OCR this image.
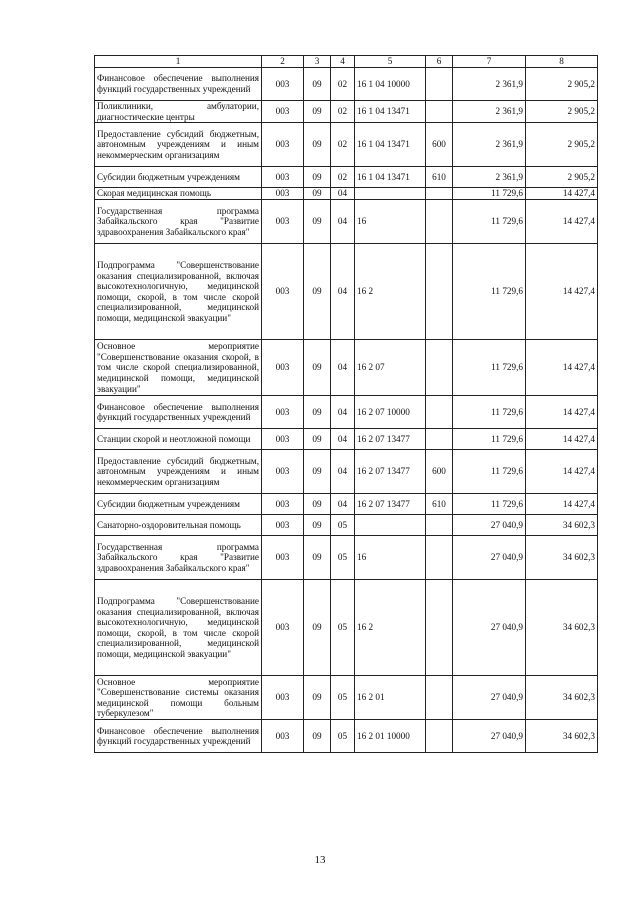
1	2	3	4	5	6	7	8
Финансовое обеспечение выполнения функций государственных учреждений	003	09	02	16 1 04 10000		2 361,9	2 905,2
Поликлиники, амбулатории, диагностические центры	003	09	02	16 1 04 13471		2 361,9	2 905,2
Предоставление субсидий бюджетным, автономным учреждениям и иным некоммерческим организациям	003	09	02	16 1 04 13471	600	2 361,9	2 905,2
Субсидии бюджетным учреждениям	003	09	02	16 1 04 13471	610	2 361,9	2 905,2
Скорая медицинская помощь	003	09	04			11 729,6	14 427,4
Государственная программа Забайкальского края "Развитие здравоохранения Забайкальского края"	003	09	04	16		11 729,6	14 427,4
Подпрограмма "Совершенствование оказания специализированной, включая высокотехнологичную, медицинской помощи, скорой, в том числе скорой специализированной, медицинской помощи, медицинской эвакуации"	003	09	04	16 2		11 729,6	14 427,4
Основное мероприятие "Совершенствование оказания скорой, в том числе скорой специализированной, медицинской помощи, медицинской эвакуации"	003	09	04	16 2 07		11 729,6	14 427,4
Финансовое обеспечение выполнения функций государственных учреждений	003	09	04	16 2 07 10000		11 729,6	14 427,4
Станции скорой и неотложной помощи	003	09	04	16 2 07 13477		11 729,6	14 427,4
Предоставление субсидий бюджетным, автономным учреждениям и иным некоммерческим организациям	003	09	04	16 2 07 13477	600	11 729,6	14 427,4
Субсидии бюджетным учреждениям	003	09	04	16 2 07 13477	610	11 729,6	14 427,4
Санаторно-оздоровительная помощь	003	09	05			27 040,9	34 602,3
Государственная программа Забайкальского края "Развитие здравоохранения Забайкальского края"	003	09	05	16		27 040,9	34 602,3
Подпрограмма "Совершенствование оказания специализированной, включая высокотехнологичную, медицинской помощи, скорой, в том числе скорой специализированной, медицинской помощи, медицинской эвакуации"	003	09	05	16 2		27 040,9	34 602,3
Основное мероприятие "Совершенствование системы оказания медицинской помощи больным туберкулезом"	003	09	05	16 2 01		27 040,9	34 602,3
Финансовое обеспечение выполнения функций государственных учреждений	003	09	05	16 2 01 10000		27 040,9	34 602,3
13
